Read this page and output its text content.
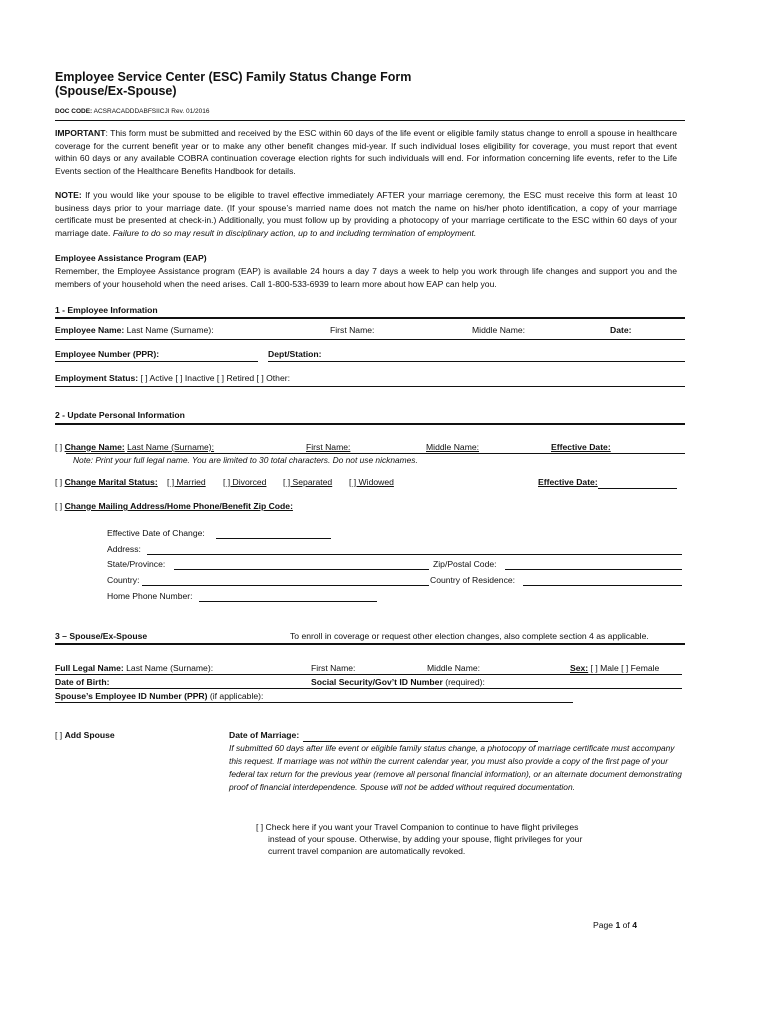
Employee Service Center (ESC) Family Status Change Form
(Spouse/Ex-Spouse)
DOC CODE: ACSRACADDDABFSIICJI Rev. 01/2016
IMPORTANT: This form must be submitted and received by the ESC within 60 days of the life event or eligible family status change to enroll a spouse in healthcare coverage for the current benefit year or to make any other benefit changes mid-year. If such individual loses eligibility for coverage, you must report that event within 60 days or any available COBRA continuation coverage election rights for such individuals will end. For information concerning life events, refer to the Life Events section of the Healthcare Benefits Handbook for details.
NOTE: If you would like your spouse to be eligible to travel effective immediately AFTER your marriage ceremony, the ESC must receive this form at least 10 business days prior to your marriage date. (If your spouse’s married name does not match the name on his/her photo identification, a copy of your marriage certificate must be presented at check-in.) Additionally, you must follow up by providing a photocopy of your marriage certificate to the ESC within 60 days of your marriage date. Failure to do so may result in disciplinary action, up to and including termination of employment.
Employee Assistance Program (EAP)
Remember, the Employee Assistance program (EAP) is available 24 hours a day 7 days a week to help you work through life changes and support you and the members of your household when the need arises. Call 1-800-533-6939 to learn more about how EAP can help you.
1 - Employee Information
Employee Name: Last Name (Surname):	First Name:	Middle Name:	Date:
Employee Number (PPR):	Dept/Station:
Employment Status: [ ] Active [ ] Inactive [ ] Retired [ ] Other:
2 - Update Personal Information
[ ] Change Name: Last Name (Surname):	First Name:	Middle Name:	Effective Date:
Note: Print your full legal name. You are limited to 30 total characters. Do not use nicknames.
[ ] Change Marital Status: [ ] Married [ ] Divorced [ ] Separated [ ] Widowed	Effective Date:
[ ] Change Mailing Address/Home Phone/Benefit Zip Code:
Effective Date of Change:
Address:
State/Province:	Zip/Postal Code:
Country:	Country of Residence:
Home Phone Number:
3 – Spouse/Ex-Spouse	To enroll in coverage or request other election changes, also complete section 4 as applicable.
Full Legal Name: Last Name (Surname):	First Name:	Middle Name:	Sex: [ ] Male [ ] Female
Date of Birth:	Social Security/Gov’t ID Number (required):
Spouse’s Employee ID Number (PPR) (if applicable):
[ ] Add Spouse	Date of Marriage:
If submitted 60 days after life event or eligible family status change, a photocopy of marriage certificate must accompany this request. If marriage was not within the current calendar year, you must also provide a copy of the first page of your federal tax return for the previous year (remove all personal financial information), or an alternate document demonstrating proof of financial interdependence. Spouse will not be added without required documentation.
[ ] Check here if you want your Travel Companion to continue to have flight privileges
instead of your spouse. Otherwise, by adding your spouse, flight privileges for your
current travel companion are automatically revoked.
Page 1 of 4
